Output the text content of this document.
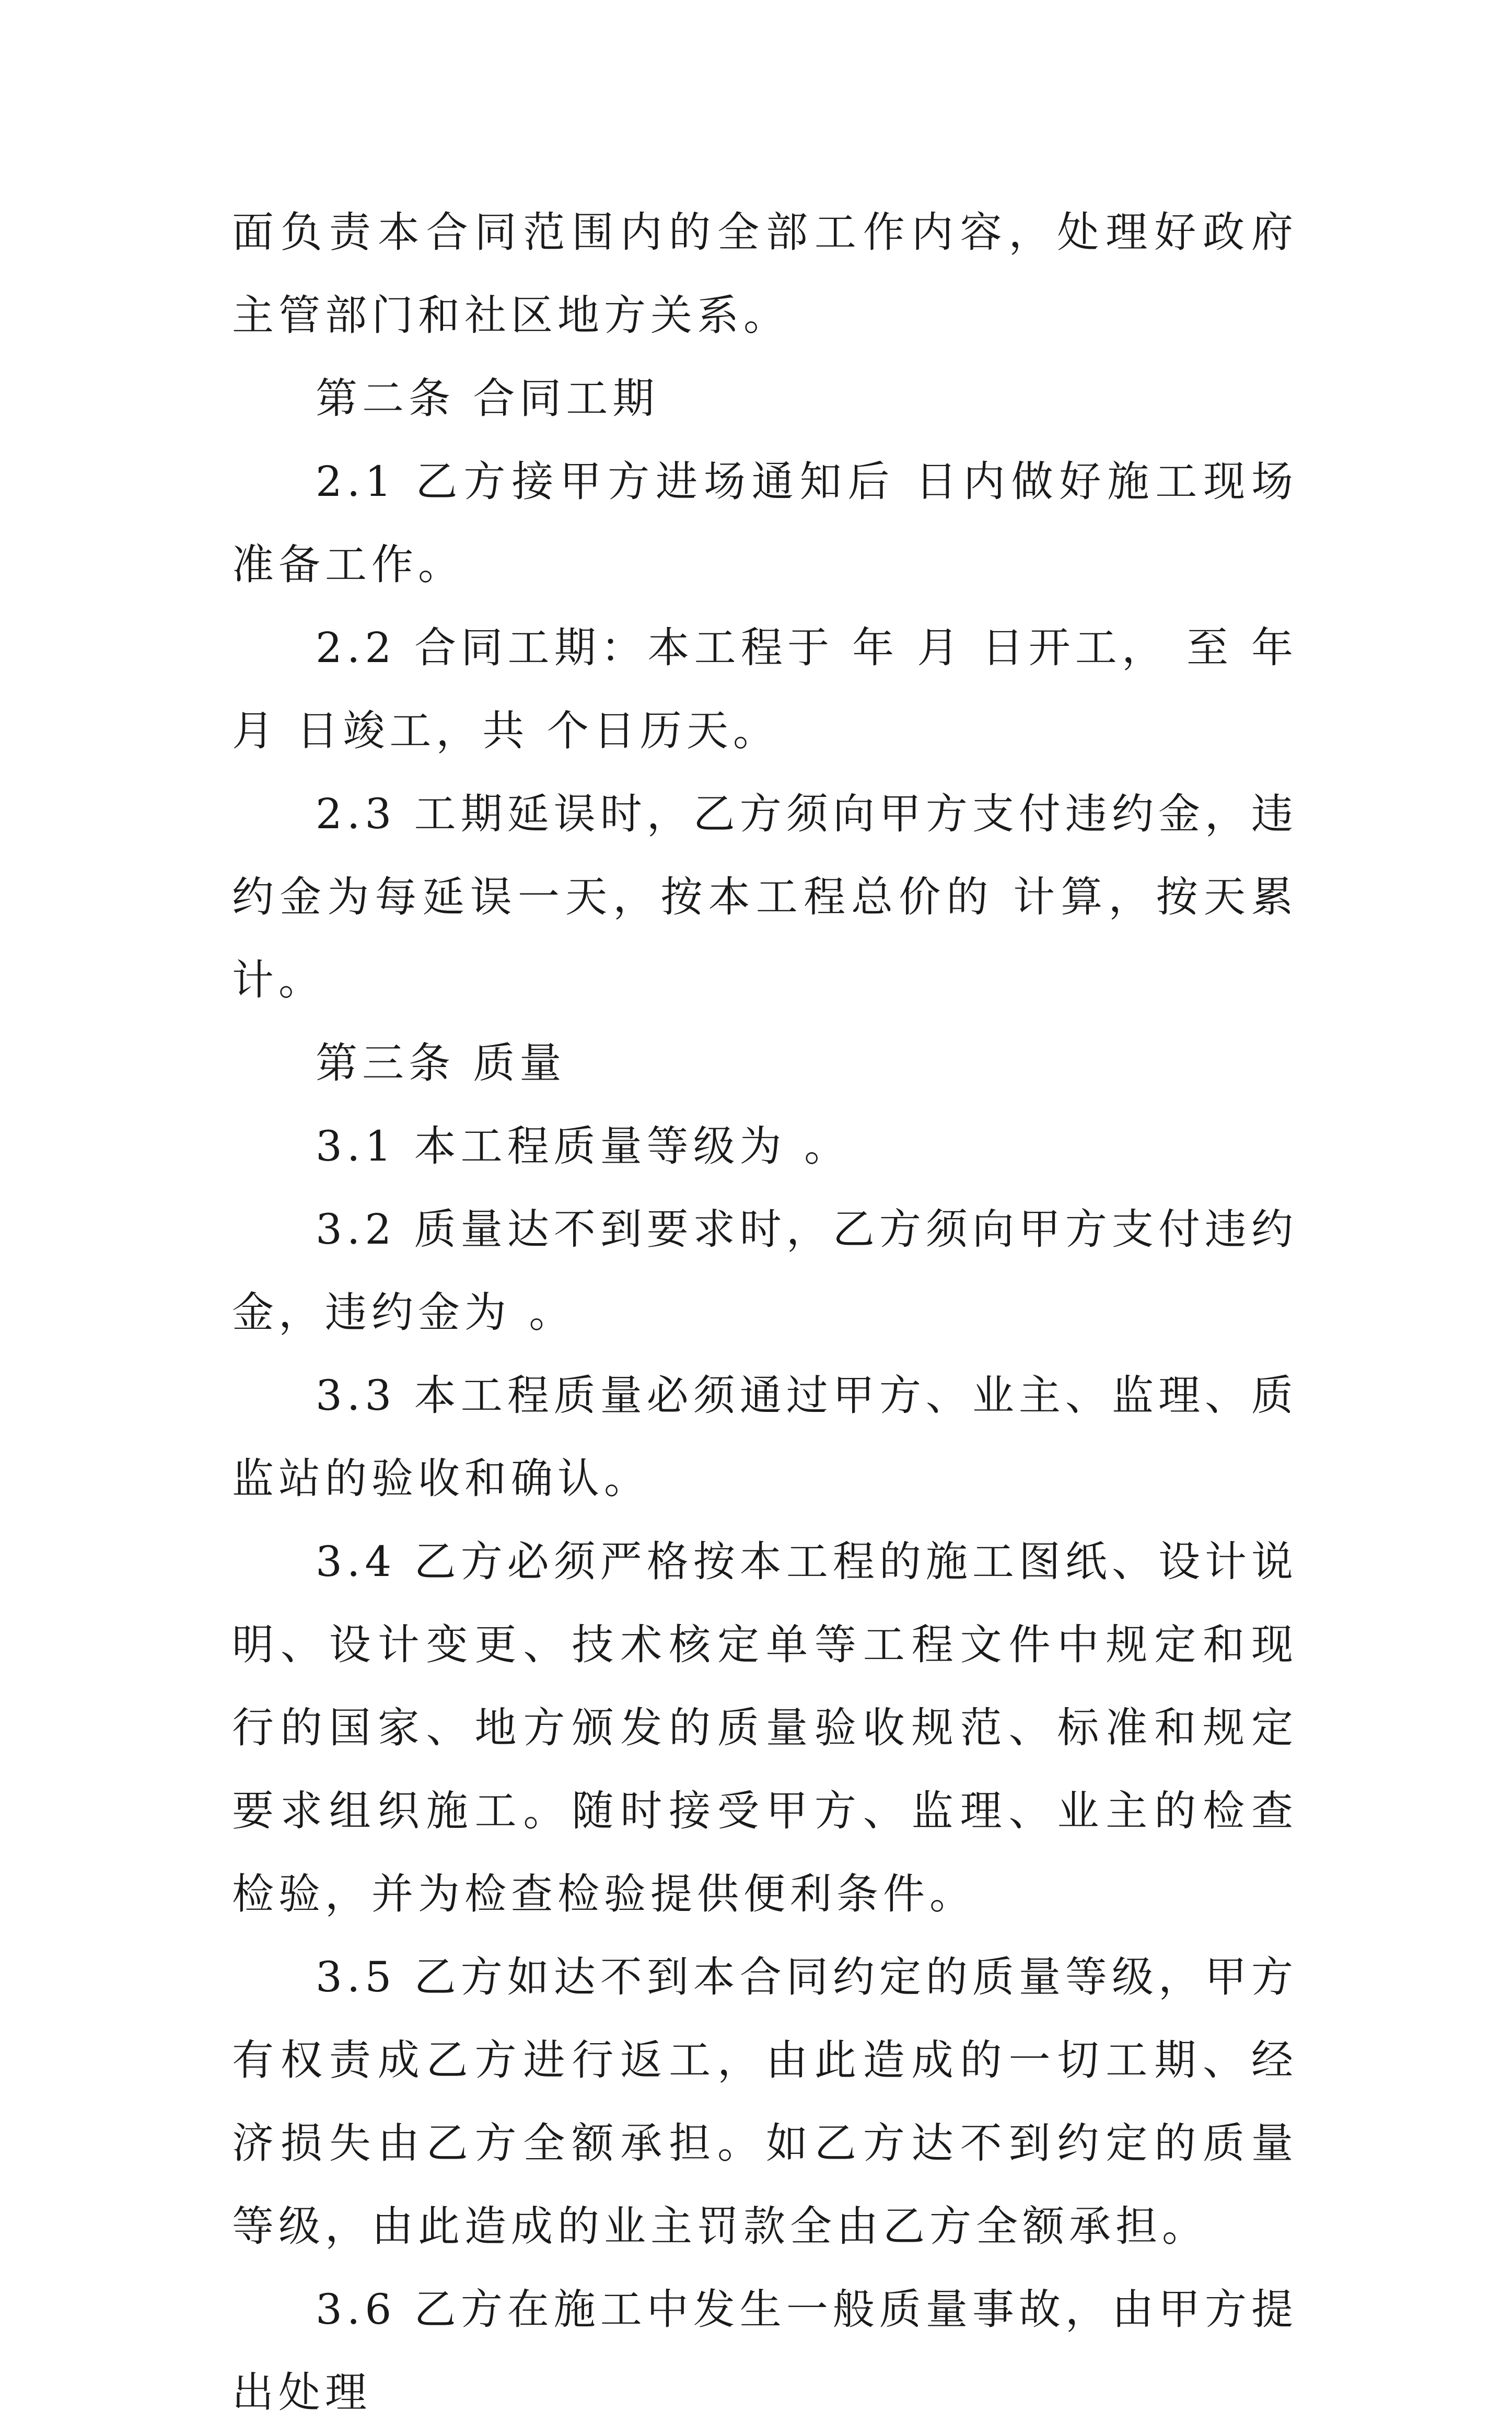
面负责本合同范围内的全部工作内容，处理好政府主管部门和社区地方关系。

第二条 合同工期

2.1 乙方接甲方进场通知后 日内做好施工现场准备工作。

2.2 合同工期：本工程于 年 月 日开工， 至 年 月 日竣工，共 个日历天。

2.3 工期延误时，乙方须向甲方支付违约金，违约金为每延误一天，按本工程总价的 计算，按天累计。

第三条 质量

3.1 本工程质量等级为 。

3.2 质量达不到要求时，乙方须向甲方支付违约金，违约金为 。

3.3 本工程质量必须通过甲方、业主、监理、质监站的验收和确认。

3.4 乙方必须严格按本工程的施工图纸、设计说明、设计变更、技术核定单等工程文件中规定和现行的国家、地方颁发的质量验收规范、标准和规定要求组织施工。随时接受甲方、监理、业主的检查检验，并为检查检验提供便利条件。

3.5 乙方如达不到本合同约定的质量等级，甲方有权责成乙方进行返工，由此造成的一切工期、经济损失由乙方全额承担。如乙方达不到约定的质量等级，由此造成的业主罚款全由乙方全额承担。

3.6 乙方在施工中发生一般质量事故，由甲方提出处理
